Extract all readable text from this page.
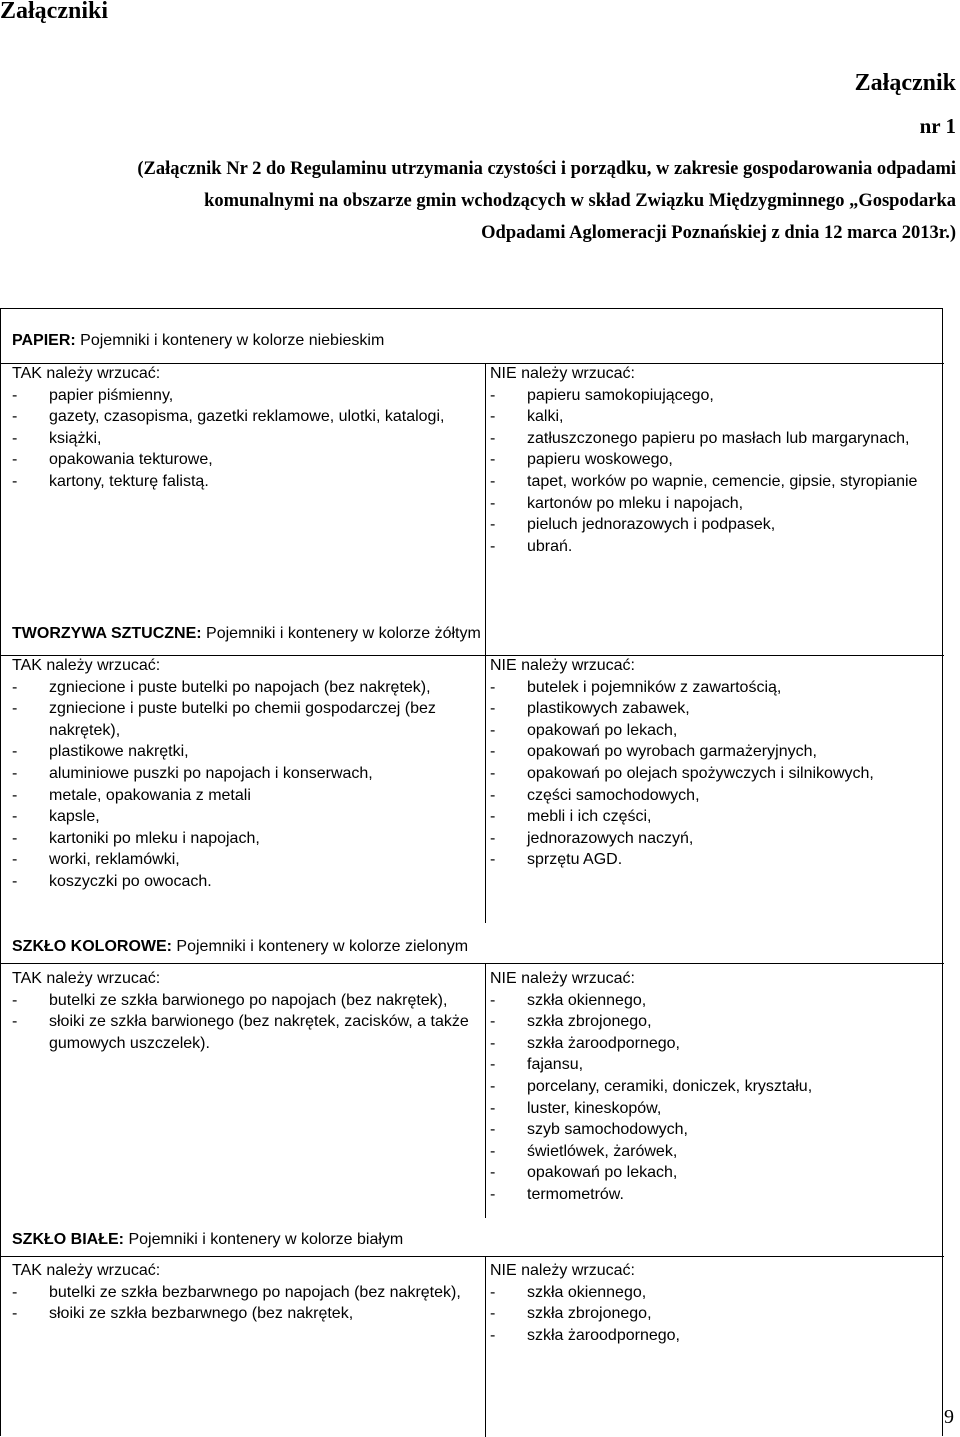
Załączniki
Załącznik
nr 1
(Załącznik Nr 2 do Regulaminu utrzymania czystości i porządku, w zakresie gospodarowania odpadami
komunalnymi na obszarze gmin wchodzących w skład Związku Międzygminnego „Gospodarka
Odpadami Aglomeracji Poznańskiej z dnia 12 marca 2013r.)
PAPIER: Pojemniki i kontenery w kolorze niebieskim
TAK należy wrzucać:
- papier piśmienny,
- gazety, czasopisma, gazetki reklamowe, ulotki, katalogi,
- książki,
- opakowania tekturowe,
- kartony, tekturę falistą.
NIE należy wrzucać:
- papieru samokopiującego,
- kalki,
- zatłuszczonego papieru po masłach lub margarynach,
- papieru woskowego,
- tapet, worków po wapnie, cemencie, gipsie, styropianie
- kartonów po mleku i napojach,
- pieluch jednorazowych i podpasek,
- ubrań.
TWORZYWA SZTUCZNE: Pojemniki i kontenery w kolorze żółtym
TAK należy wrzucać:
- zgniecione i puste butelki po napojach (bez nakrętek),
- zgniecione i puste butelki po chemii gospodarczej (bez nakrętek),
- plastikowe nakrętki,
- aluminiowe puszki po napojach i konserwach,
- metale, opakowania z metali
- kapsle,
- kartoniki po mleku i napojach,
- worki, reklamówki,
- koszyczki po owocach.
NIE należy wrzucać:
- butelek i pojemników z zawartością,
- plastikowych zabawek,
- opakowań po lekach,
- opakowań po wyrobach garmażeryjnych,
- opakowań po olejach spożywczych i silnikowych,
- części samochodowych,
- mebli i ich części,
- jednorazowych naczyń,
- sprzętu AGD.
SZKŁO KOLOROWE: Pojemniki i kontenery w kolorze zielonym
TAK należy wrzucać:
- butelki ze szkła barwionego po napojach (bez nakrętek),
- słoiki ze szkła barwionego (bez nakrętek, zacisków, a także gumowych uszczelek).
NIE należy wrzucać:
- szkła okiennego,
- szkła zbrojonego,
- szkła żaroodpornego,
- fajansu,
- porcelany, ceramiki, doniczek, kryształu,
- luster, kineskopów,
- szyb samochodowych,
- świetlówek, żarówek,
- opakowań po lekach,
- termometrów.
SZKŁO BIAŁE: Pojemniki i kontenery w kolorze białym
TAK należy wrzucać:
- butelki ze szkła bezbarwnego po napojach (bez nakrętek),
- słoiki ze szkła bezbarwnego (bez nakrętek,
NIE należy wrzucać:
- szkła okiennego,
- szkła zbrojonego,
- szkła żaroodpornego,
9
